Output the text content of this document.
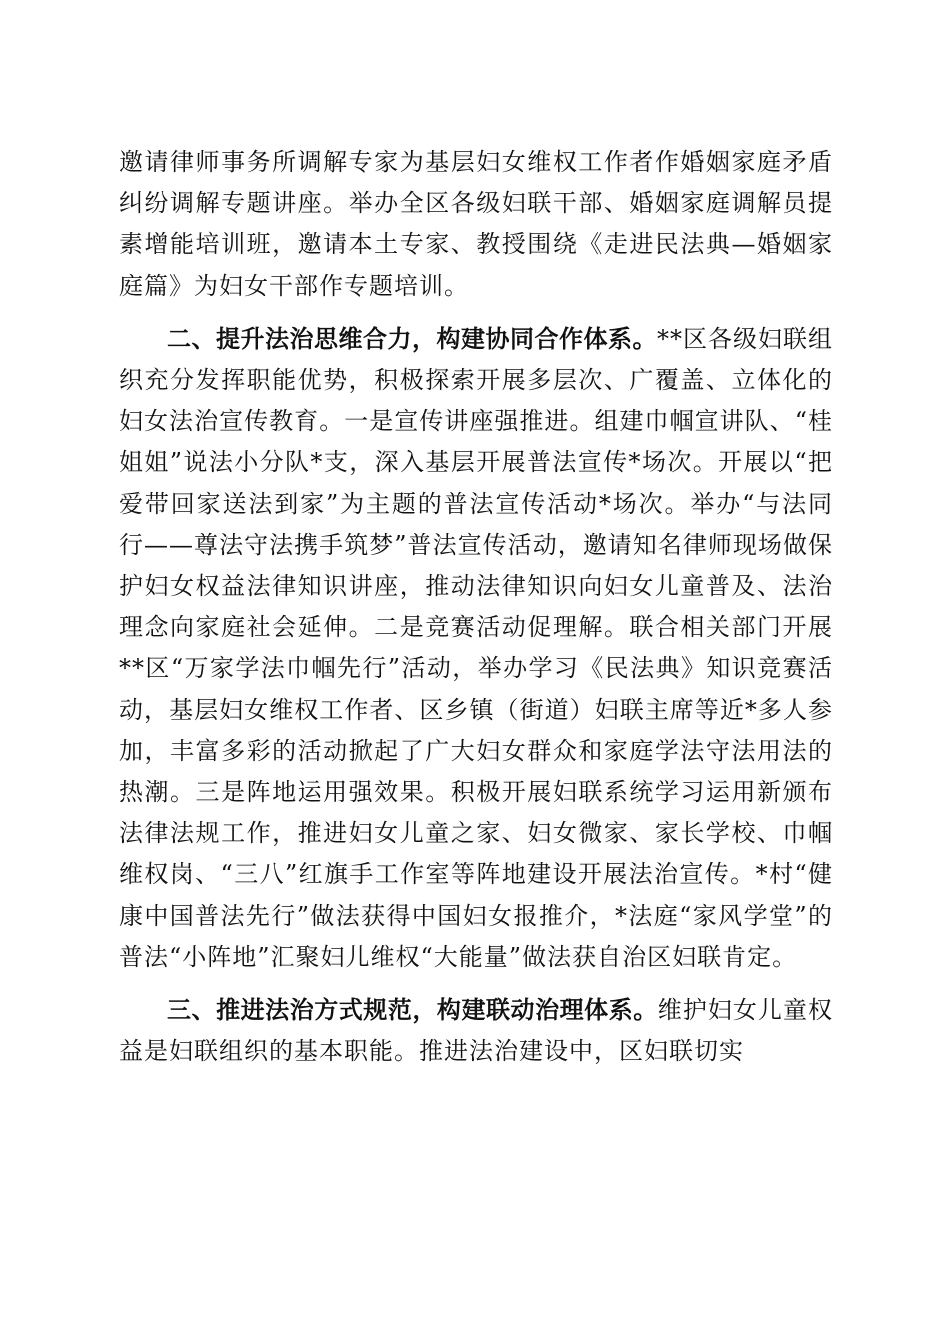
邀请律师事务所调解专家为基层妇女维权工作者作婚姻家庭矛盾纠纷调解专题讲座。举办全区各级妇联干部、婚姻家庭调解员提素增能培训班，邀请本土专家、教授围绕《走进民法典—婚姻家庭篇》为妇女干部作专题培训。

二、提升法治思维合力，构建协同合作体系。**区各级妇联组织充分发挥职能优势，积极探索开展多层次、广覆盖、立体化的妇女法治宣传教育。一是宣传讲座强推进。组建巾帼宣讲队、“桂姐姐”说法小分队*支，深入基层开展普法宣传*场次。开展以“把爱带回家送法到家”为主题的普法宣传活动*场次。举办“与法同行——尊法守法携手筑梦”普法宣传活动，邀请知名律师现场做保护妇女权益法律知识讲座，推动法律知识向妇女儿童普及、法治理念向家庭社会延伸。二是竞赛活动促理解。联合相关部门开展**区“万家学法巾帼先行”活动，举办学习《民法典》知识竞赛活动，基层妇女维权工作者、区乡镇（街道）妇联主席等近*多人参加，丰富多彩的活动掀起了广大妇女群众和家庭学法守法用法的热潮。三是阵地运用强效果。积极开展妇联系统学习运用新颁布法律法规工作，推进妇女儿童之家、妇女微家、家长学校、巾帼维权岗、“三八”红旗手工作室等阵地建设开展法治宣传。*村“健康中国普法先行”做法获得中国妇女报推介，*法庭“家风学堂”的普法“小阵地”汇聚妇儿维权“大能量”做法获自治区妇联肯定。

三、推进法治方式规范，构建联动治理体系。维护妇女儿童权益是妇联组织的基本职能。推进法治建设中，区妇联切实
